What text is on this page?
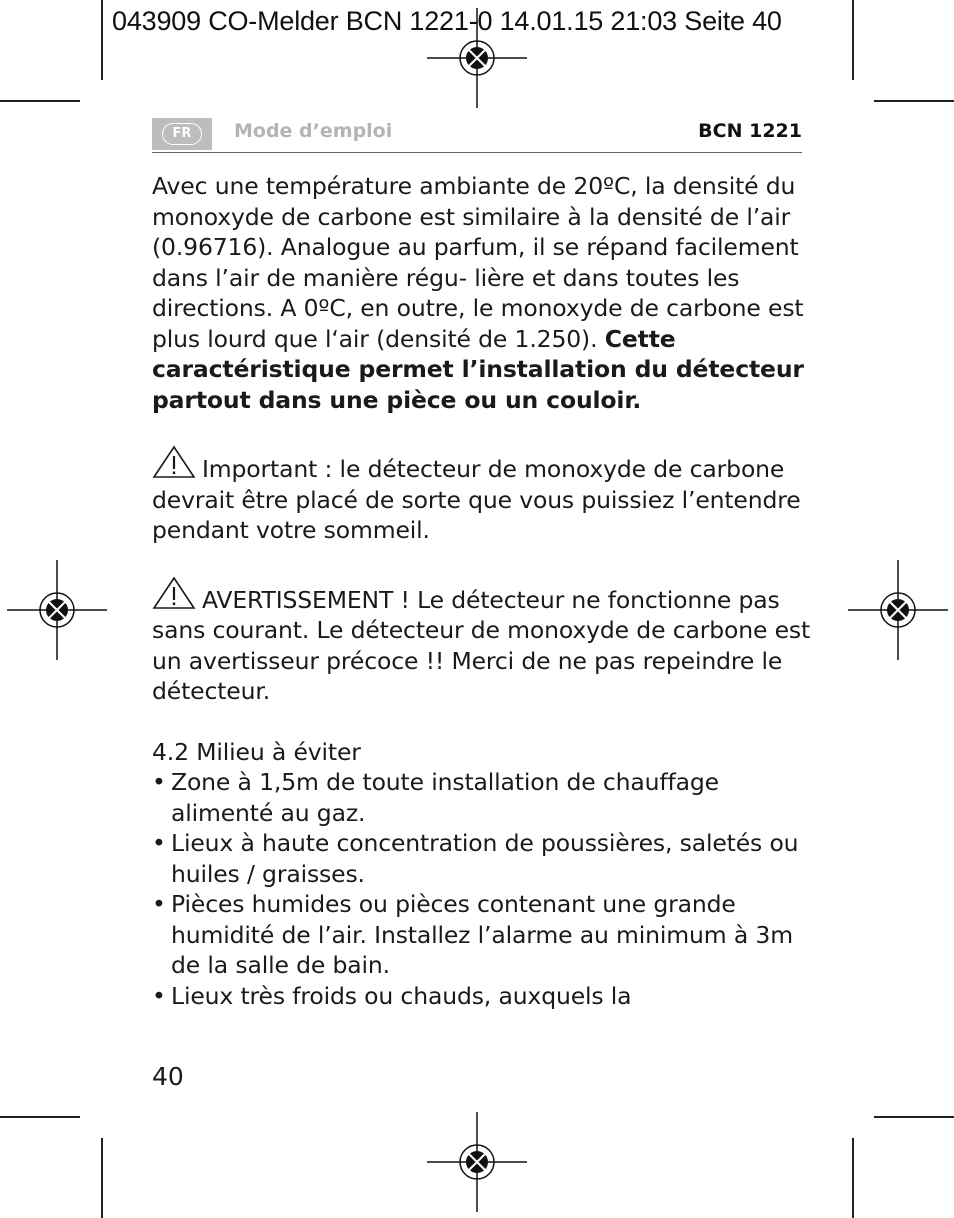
043909 CO-Melder BCN 1221-0 14.01.15 21:03 Seite 40
FR	Mode d’emploi	BCN 1221

Avec une température ambiante de 20ºC, la densité du monoxyde de carbone est similaire à la densité de l’air (0.96716). Analogue au parfum, il se répand facilement dans l’air de manière régu- lière et dans toutes les directions. A 0ºC, en outre, le monoxyde de carbone est plus lourd que l‘air (densité de 1.250). Cette caractéristique permet l’installation du détecteur partout dans une pièce ou un couloir.

Important : le détecteur de monoxyde de carbone devrait être placé de sorte que vous puissiez l’entendre pendant votre sommeil.

AVERTISSEMENT ! Le détecteur ne fonctionne pas sans courant. Le détecteur de monoxyde de carbone est un avertisseur précoce !! Merci de ne pas repeindre le détecteur.

4.2 Milieu à éviter

• Zone à 1,5m de toute installation de chauffage alimenté au gaz.
• Lieux à haute concentration de poussières, saletés ou huiles / graisses.
• Pièces humides ou pièces contenant une grande humidité de l’air. Installez l’alarme au minimum à 3m de la salle de bain.
• Lieux très froids ou chauds, auxquels la
40
